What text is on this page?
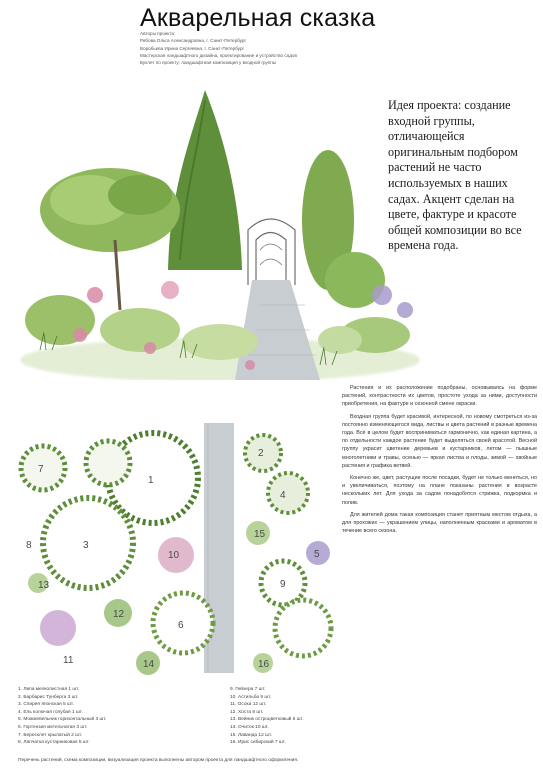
Акварельная сказка
Авторы проекта:
Рябова Ольга Александровна, г. Санкт-Петербург
Воробьева Ирина Сергеевна, г. Санкт-Петербург
Мастерская ландшафтного дизайна, проектирование и устройство садов
Буклет по проекту: ландшафтная композиция у входной группы
Идея проекта: создание входной группы, отличающейся оригинальным подбором растений не часто используемых в наших садах. Акцент сделан на цвете, фактуре и красоте общей композиции во все времена года.

Растения и их расположение подобраны, основываясь на форме растений, контрастности их цветов, простоте ухода за ними, доступности приобретения, на фактуре и сезонной смене окраски.

Входная группа будет красивой, интересной, по новому смотреться из-за постоянно изменяющегося вида, листвы и цвета растений в разные времена года. Всё в целом будет восприниматься гармонично, как единая картина, а по отдельности каждое растение будет выделяться своей красотой. Весной группу украсит цветение деревьев и кустарников, летом — пышные многолетники и травы, осенью — яркая листва и плоды, зимой — хвойные растения и графика ветвей.

Конечно же, цвет, растущие после посадки, будет не только меняться, но и увеличиваться, поэтому на плане показаны растения в возрасте нескольких лет. Для ухода за садом понадобятся стрижка, подкормка и полив.

Для жителей дома такая композиция станет приятным местом отдыха, а для прохожих — украшением улицы, наполненным красками и ароматом в течение всего сезона.

1
2
3
4
5
6
7
8
9
10
11
12
13
14
15
16
1. Липа мелколистная 1 шт.
2. Барбарис Тунберга 3 шт.
3. Спирея японская 5 шт.
4. Ель колючая голубая 1 шт.
5. Можжевельник горизонтальный 3 шт.
6. Гортензия метельчатая 3 шт.
7. Бересклет крылатый 2 шт.
8. Лапчатка кустарниковая 5 шт.
9. Гейхера 7 шт.
10. Астильба 9 шт.
11. Осока 12 шт.
12. Хоста 8 шт.
13. Вейник остроцветковый 6 шт.
14. Очиток 10 шт.
15. Лаванда 12 шт.
16. Ирис сибирский 7 шт.
Перечень растений, схема композиции, визуализация проекта выполнены автором проекта для ландшафтного оформления.
